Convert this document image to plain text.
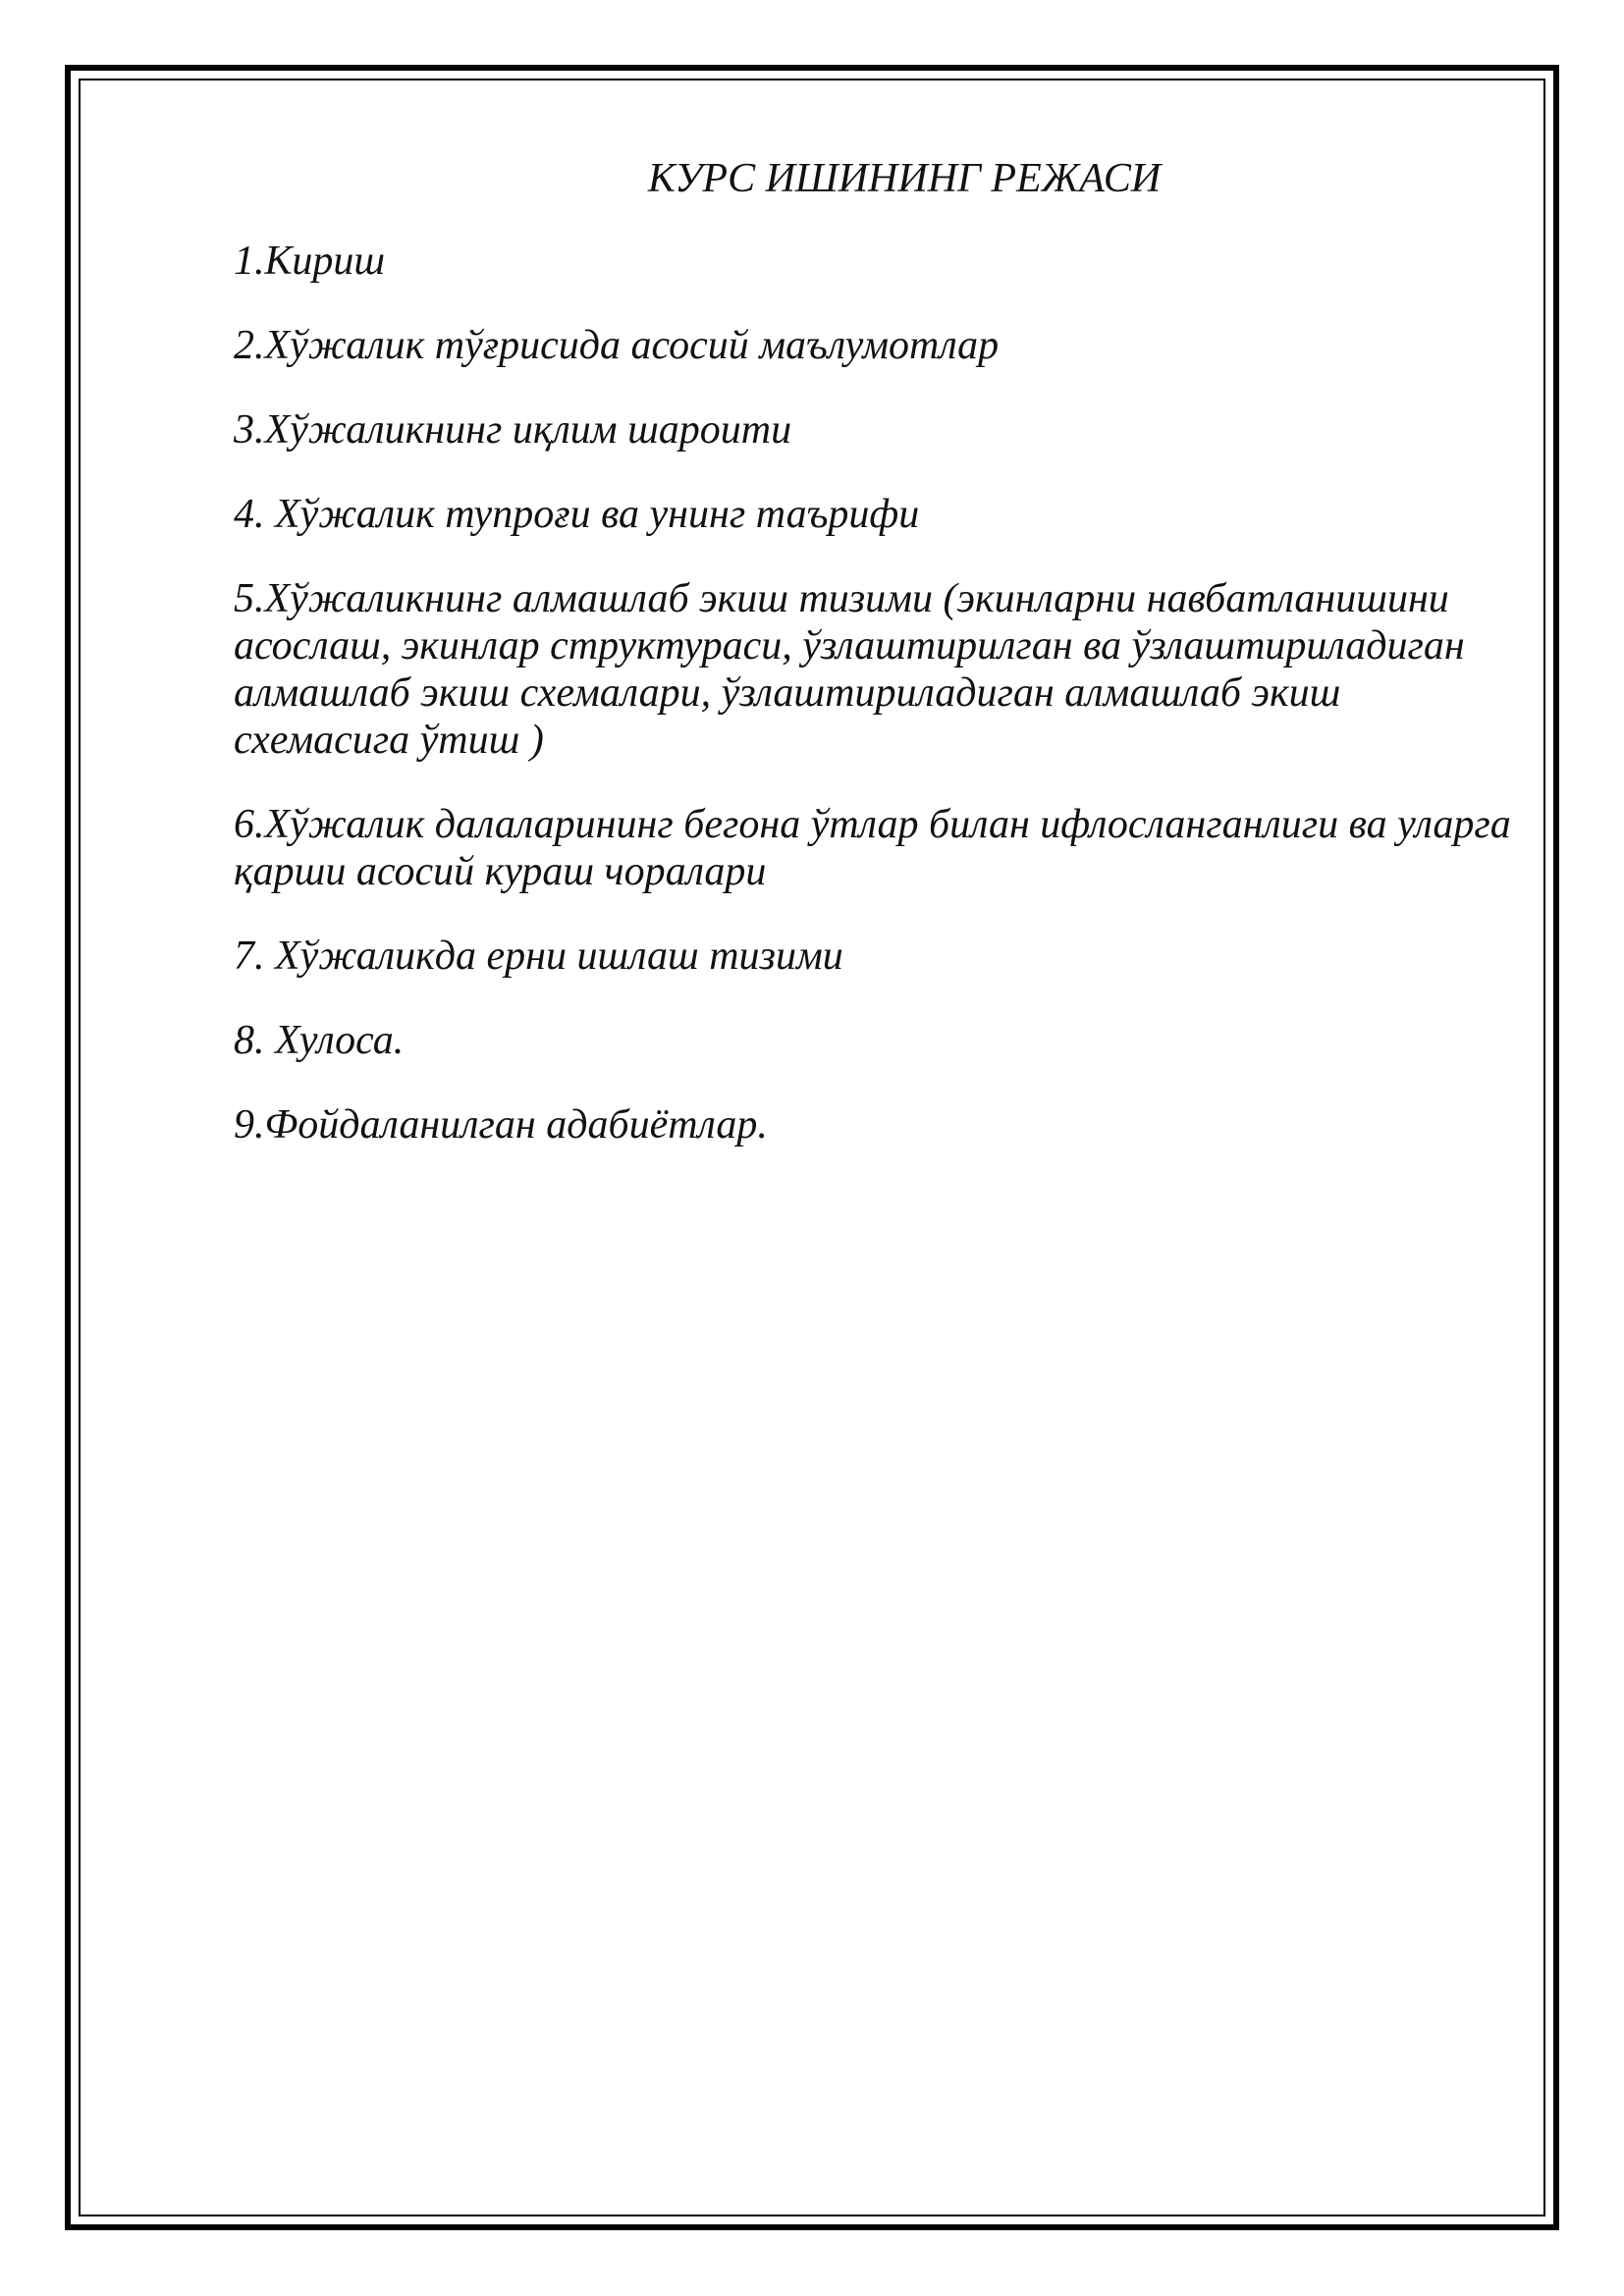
КУРС ИШИНИНГ РЕЖАСИ

1.Кириш

2.Хўжалик тўғрисида асосий маълумотлар

3.Хўжаликнинг иқлим шароити

4. Хўжалик тупроғи ва унинг таърифи

5.Хўжаликнинг алмашлаб экиш тизими (экинларни навбатланишини асослаш, экинлар структураси, ўзлаштирилган ва ўзлаштириладиган алмашлаб экиш схемалари, ўзлаштириладиган алмашлаб экиш схемасига ўтиш )

6.Хўжалик далаларининг бегона ўтлар билан ифлосланганлиги ва уларга қарши асосий кураш чоралари

7. Хўжаликда ерни ишлаш тизими

8. Хулоса.

9.Фойдаланилган адабиётлар.
